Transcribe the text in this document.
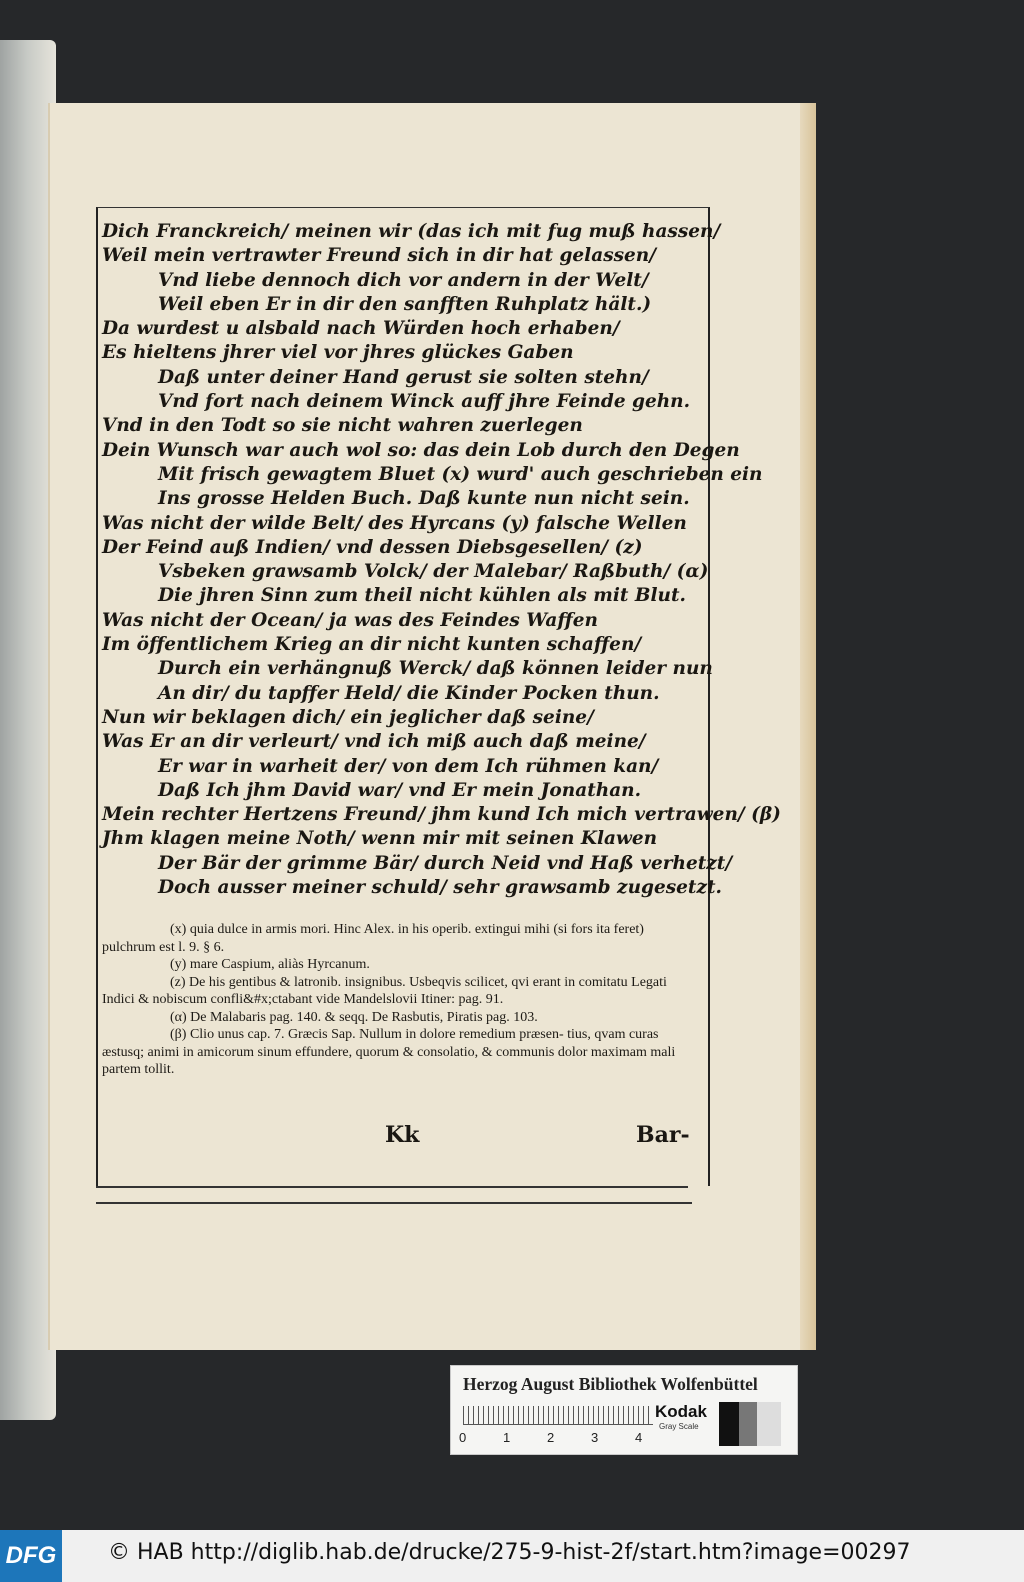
Dich Franckreich/ meinen wir (das ich mit fug muß hassen/

Weil mein vertrawter Freund sich in dir hat gelassen/

Vnd liebe dennoch dich vor andern in der Welt/

Weil eben Er in dir den sanfften Ruhplatz hält.)

Da wurdest u alsbald nach Würden hoch erhaben/

Es hieltens jhrer viel vor jhres glückes Gaben

Daß unter deiner Hand gerust sie solten stehn/

Vnd fort nach deinem Winck auff jhre Feinde gehn.

Vnd in den Todt so sie nicht wahren zuerlegen

Dein Wunsch war auch wol so: das dein Lob durch den Degen

Mit frisch gewagtem Bluet (x) wurd' auch geschrieben ein

Ins grosse Helden Buch. Daß kunte nun nicht sein.

Was nicht der wilde Belt/ des Hyrcans (y) falsche Wellen

Der Feind auß Indien/ vnd dessen Diebsgesellen/ (z)

Vsbeken grawsamb Volck/ der Malebar/ Raßbuth/ (α)

Die jhren Sinn zum theil nicht kühlen als mit Blut.

Was nicht der Ocean/ ja was des Feindes Waffen

Im öffentlichem Krieg an dir nicht kunten schaffen/

Durch ein verhängnuß Werck/ daß können leider nun

An dir/ du tapffer Held/ die Kinder Pocken thun.

Nun wir beklagen dich/ ein jeglicher daß seine/

Was Er an dir verleurt/ vnd ich miß auch daß meine/

Er war in warheit der/ von dem Ich rühmen kan/

Daß Ich jhm David war/ vnd Er mein Jonathan.

Mein rechter Hertzens Freund/ jhm kund Ich mich vertrawen/ (β)

Jhm klagen meine Noth/ wenn mir mit seinen Klawen

Der Bär der grimme Bär/ durch Neid vnd Haß verhetzt/

Doch ausser meiner schuld/ sehr grawsamb zugesetzt.

(x) quia dulce in armis mori. Hinc Alex. in his operib. extingui mihi (si fors ita feret) pulchrum est l. 9. § 6.

(y) mare Caspium, aliàs Hyrcanum.

(z) De his gentibus & latronib. insignibus. Usbeqvis scilicet, qvi erant in comitatu Legati Indici & nobiscum confli&#x;ctabant vide Mandelslovii Itiner: pag. 91.

(α) De Malabaris pag. 140. & seqq. De Rasbutis, Piratis pag. 103.

(β) Clio unus cap. 7. Græcis Sap. Nullum in dolore remedium præsen- tius, qvam curas æstusq; animi in amicorum sinum effundere, quorum & consolatio, & communis dolor maximam mali partem tollit.

Kk	Bar-
Herzog August Bibliothek Wolfenbüttel
0	1	2	3	4
Kodak
Gray Scale
DFG © HAB http://diglib.hab.de/drucke/275-9-hist-2f/start.htm?image=00297
